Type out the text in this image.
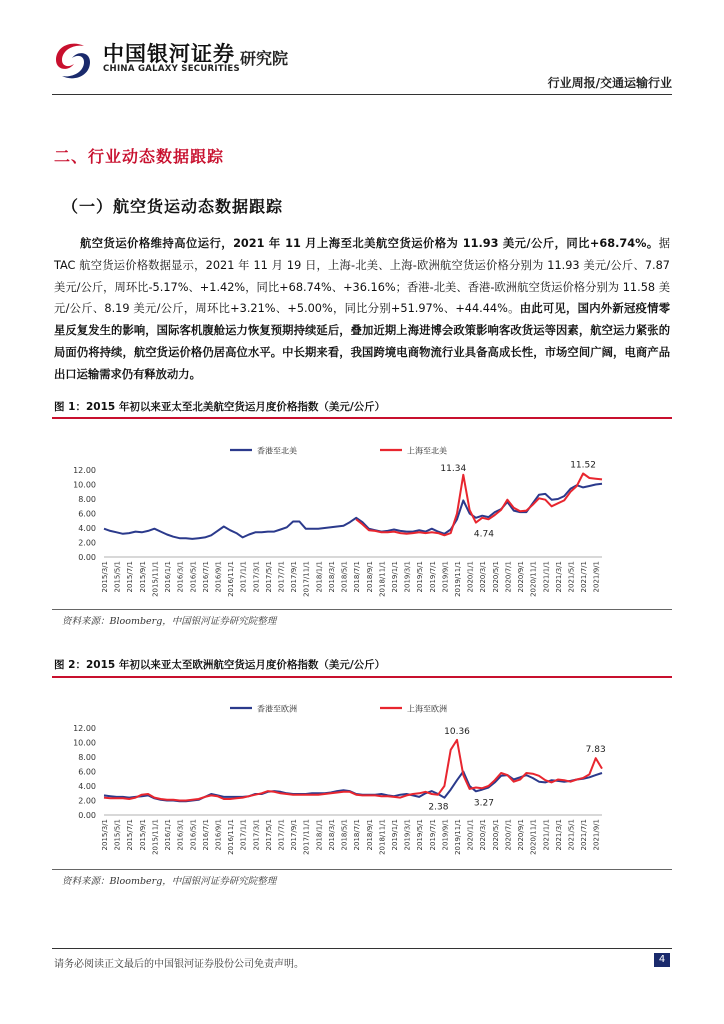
中国银河证券
CHINA GALAXY SECURITIES
研究院
行业周报/交通运输行业
二、行业动态数据跟踪
（一）航空货运动态数据跟踪
航空货运价格维持高位运行，2021 年 11 月上海至北美航空货运价格为 11.93 美元/公斤，同比+68.74%。据 TAC 航空货运价格数据显示，2021 年 11 月 19 日，上海-北美、上海-欧洲航空货运价格分别为 11.93 美元/公斤、7.87 美元/公斤，周环比-5.17%、+1.42%，同比+68.74%、+36.16%；香港-北美、香港-欧洲航空货运价格分别为 11.58 美元/公斤、8.19 美元/公斤，周环比+3.21%、+5.00%，同比分别+51.97%、+44.44%。由此可见，国内外新冠疫情零星反复发生的影响，国际客机腹舱运力恢复预期持续延后，叠加近期上海进博会政策影响客改货运等因素，航空运力紧张的局面仍将持续，航空货运价格仍居高位水平。中长期来看，我国跨境电商物流行业具备高成长性，市场空间广阔，电商产品出口运输需求仍有释放动力。
图 1：2015 年初以来亚太至北美航空货运月度价格指数（美元/公斤）
香港至北美	上海至北美
12.00
10.00
8.00
6.00
4.00
2.00
0.00
2015/3/1 2015/5/1 2015/7/1 2015/9/1 2015/11/1 2016/1/1 2016/3/1 2016/5/1 2016/7/1 2016/9/1 2016/11/1 2017/1/1 2017/3/1 2017/5/1 2017/7/1 2017/9/1 2017/11/1 2018/1/1 2018/3/1 2018/5/1 2018/7/1 2018/9/1 2018/11/1 2019/1/1 2019/3/1 2019/5/1 2019/7/1 2019/9/1 2019/11/1 2020/1/1 2020/3/1 2020/5/1 2020/7/1 2020/9/1 2020/11/1 2021/1/1 2021/3/1 2021/5/1 2021/7/1 2021/9/1
11.34
4.74
11.52
资料来源：Bloomberg，中国银河证券研究院整理
图 2：2015 年初以来亚太至欧洲航空货运月度价格指数（美元/公斤）
香港至欧洲	上海至欧洲
12.00
10.00
8.00
6.00
4.00
2.00
0.00
2015/3/1 2015/5/1 2015/7/1 2015/9/1 2015/11/1 2016/1/1 2016/3/1 2016/5/1 2016/7/1 2016/9/1 2016/11/1 2017/1/1 2017/3/1 2017/5/1 2017/7/1 2017/9/1 2017/11/1 2018/1/1 2018/3/1 2018/5/1 2018/7/1 2018/9/1 2018/11/1 2019/1/1 2019/3/1 2019/5/1 2019/7/1 2019/9/1 2019/11/1 2020/1/1 2020/3/1 2020/5/1 2020/7/1 2020/9/1 2020/11/1 2021/1/1 2021/3/1 2021/5/1 2021/7/1 2021/9/1
10.36
2.38	3.27
7.83
资料来源：Bloomberg，中国银河证券研究院整理
请务必阅读正文最后的中国银河证券股份公司免责声明。	4
